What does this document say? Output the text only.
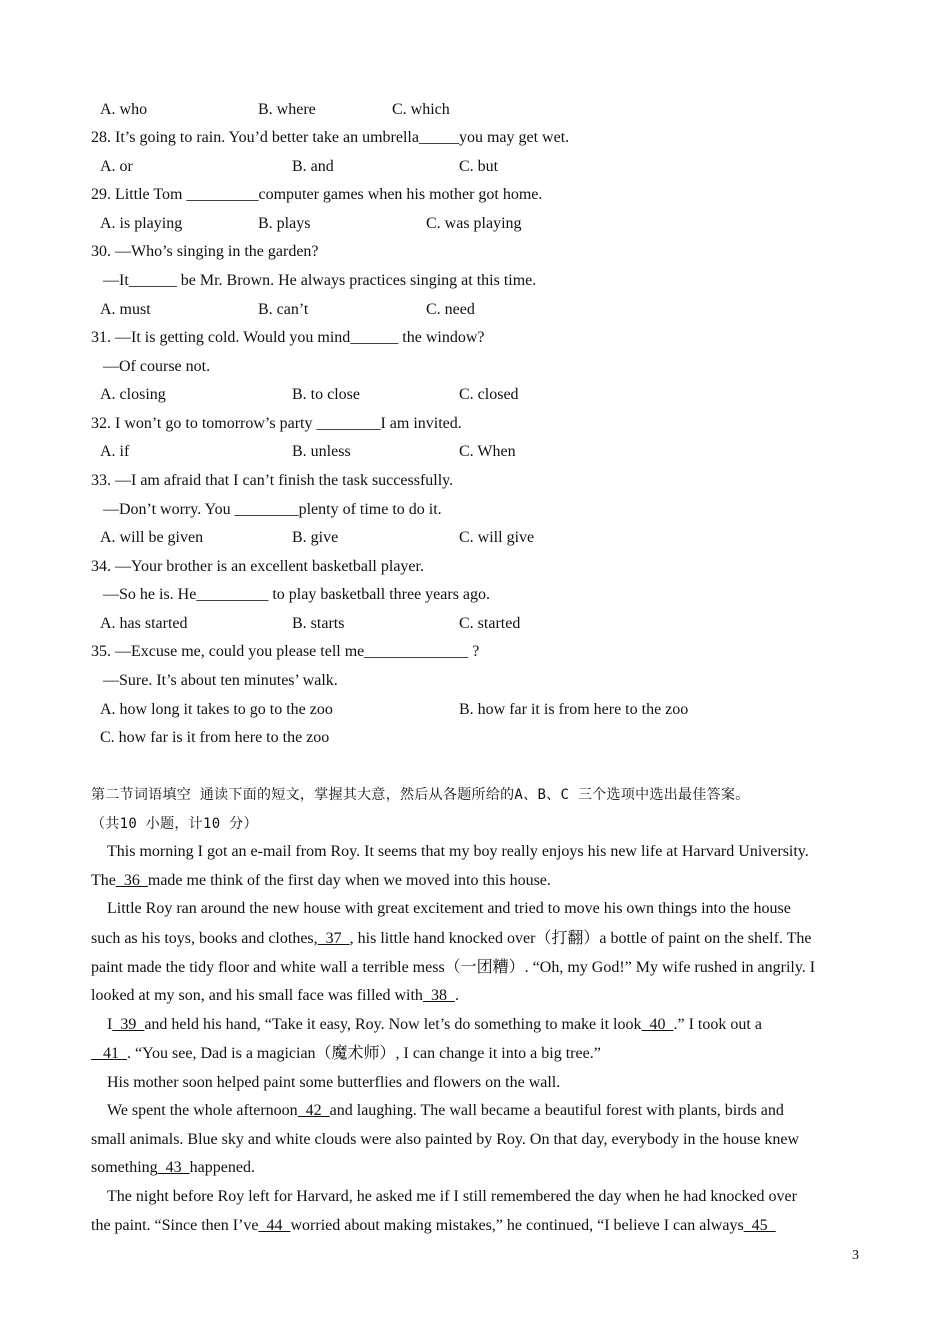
A. who	B. where	C. which
28. It’s going to rain. You’d better take an umbrella_____you may get wet.
A. or	B. and	C. but
29. Little Tom _________computer games when his mother got home.
A. is playing	B. plays	C. was playing
30. —Who’s singing in the garden?
—It______ be Mr. Brown. He always practices singing at this time.
A. must	B. can’t	C. need
31. —It is getting cold. Would you mind______ the window?
—Of course not.
A. closing	B. to close	C. closed
32. I won’t go to tomorrow’s party ________I am invited.
A. if	B. unless	C. When
33. —I am afraid that I can’t finish the task successfully.
—Don’t worry. You ________plenty of time to do it.
A. will be given	B. give	C. will give
34. —Your brother is an excellent basketball player.
—So he is. He_________ to play basketball three years ago.
A. has started	B. starts	C. started
35. —Excuse me, could you please tell me_____________ ?
—Sure. It’s about ten minutes’ walk.
A. how long it takes to go to the zoo	B. how far it is from here to the zoo
C. how far is it from here to the zoo
第二节词语填空 通读下面的短文，掌握其大意，然后从各题所给的A、B、C 三个选项中选出最佳答案。
（共10 小题，计10 分）
This morning I got an e-mail from Roy. It seems that my boy really enjoys his new life at Harvard University.
The  36  made me think of the first day when we moved into this house.
Little Roy ran around the new house with great excitement and tried to move his own things into the house
such as his toys, books and clothes,  37  , his little hand knocked over（打翻）a bottle of paint on the shelf. The
paint made the tidy floor and white wall a terrible mess（一团糟）. “Oh, my God!” My wife rushed in angrily. I
looked at my son, and his small face was filled with  38  .
I  39  and held his hand, “Take it easy, Roy. Now let’s do something to make it look  40  .” I took out a
41  . “You see, Dad is a magician（魔术师）, I can change it into a big tree.”
His mother soon helped paint some butterflies and flowers on the wall.
We spent the whole afternoon  42  and laughing. The wall became a beautiful forest with plants, birds and
small animals. Blue sky and white clouds were also painted by Roy. On that day, everybody in the house knew
something  43  happened.
The night before Roy left for Harvard, he asked me if I still remembered the day when he had knocked over
the paint. “Since then I’ve  44  worried about making mistakes,” he continued, “I believe I can always  45
3
